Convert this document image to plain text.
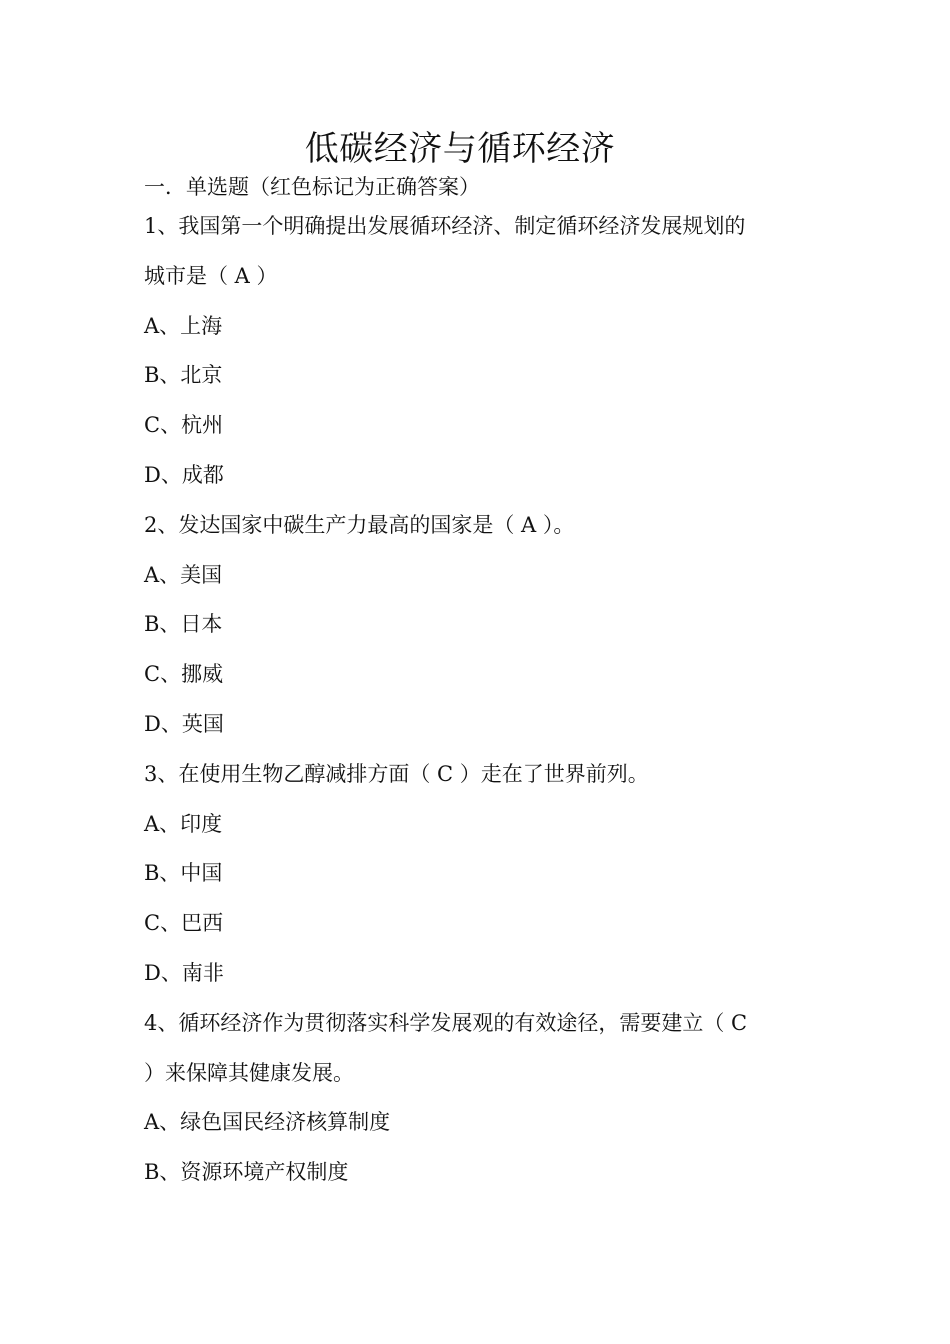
低碳经济与循环经济
一．单选题（红色标记为正确答案）
1、我国第一个明确提出发展循环经济、制定循环经济发展规划的
城市是（ A ）
A、上海
B、北京
C、杭州
D、成都
2、发达国家中碳生产力最高的国家是（ A ）。
A、美国
B、日本
C、挪威
D、英国
3、在使用生物乙醇减排方面（ C ）走在了世界前列。
A、印度
B、中国
C、巴西
D、南非
4、循环经济作为贯彻落实科学发展观的有效途径，需要建立（ C
）来保障其健康发展。
A、绿色国民经济核算制度
B、资源环境产权制度
